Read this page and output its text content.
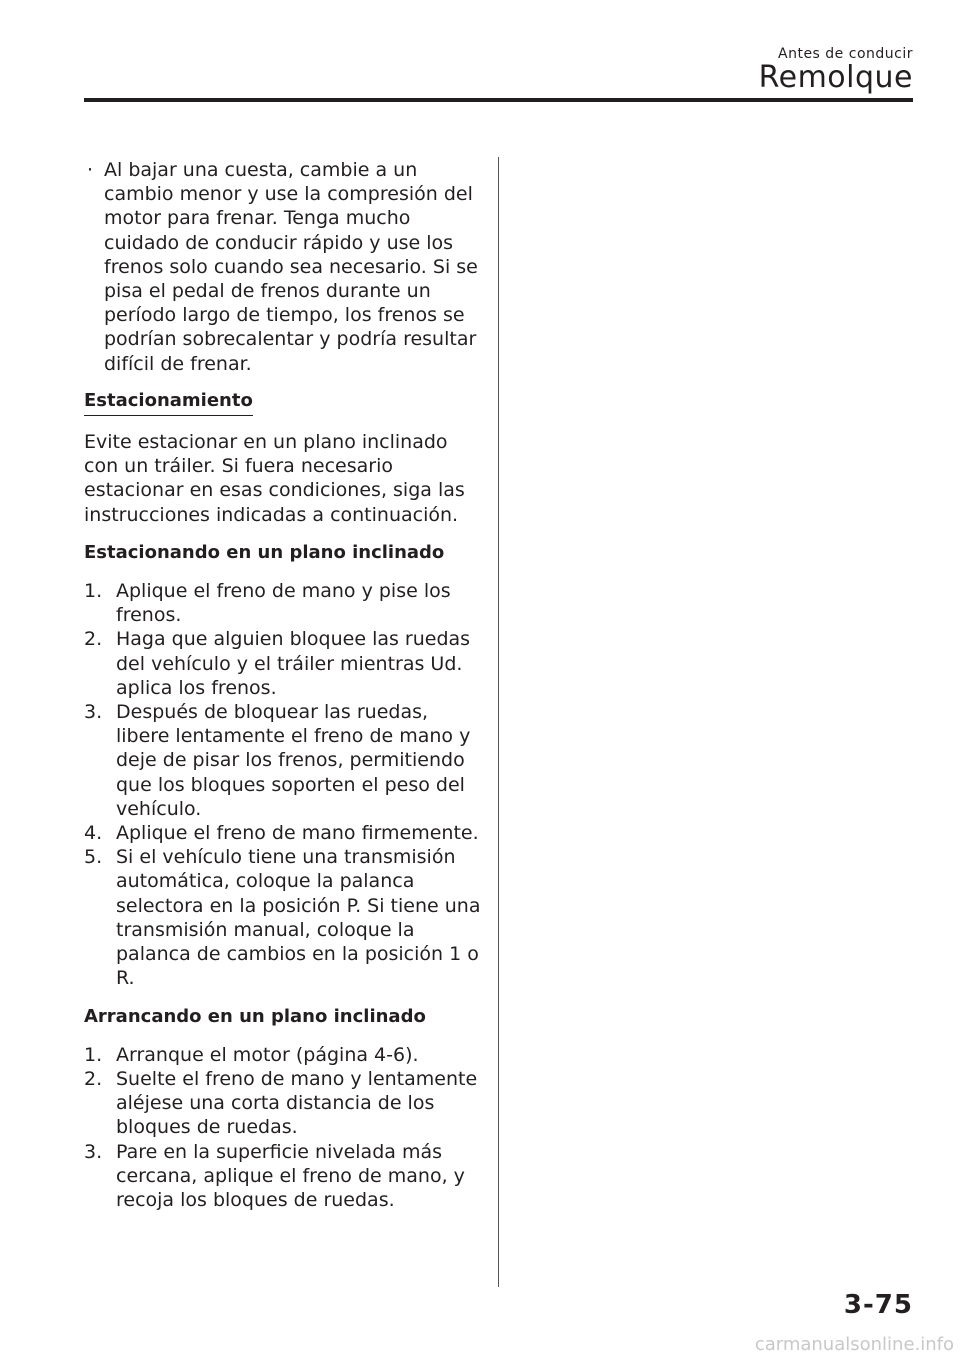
Antes de conducir
Remolque
· Al bajar una cuesta, cambie a un cambio menor y use la compresión del motor para frenar. Tenga mucho cuidado de conducir rápido y use los frenos solo cuando sea necesario. Si se pisa el pedal de frenos durante un período largo de tiempo, los frenos se podrían sobrecalentar y podría resultar difícil de frenar.
Estacionamiento

Evite estacionar en un plano inclinado con un tráiler. Si fuera necesario estacionar en esas condiciones, siga las instrucciones indicadas a continuación.

Estacionando en un plano inclinado
1. Aplique el freno de mano y pise los frenos.
2. Haga que alguien bloquee las ruedas del vehículo y el tráiler mientras Ud. aplica los frenos.
3. Después de bloquear las ruedas, libere lentamente el freno de mano y deje de pisar los frenos, permitiendo que los bloques soporten el peso del vehículo.
4. Aplique el freno de mano firmemente.
5. Si el vehículo tiene una transmisión automática, coloque la palanca selectora en la posición P. Si tiene una transmisión manual, coloque la palanca de cambios en la posición 1 o R.
Arrancando en un plano inclinado
1. Arranque el motor (página 4-6).
2. Suelte el freno de mano y lentamente aléjese una corta distancia de los bloques de ruedas.
3. Pare en la superficie nivelada más cercana, aplique el freno de mano, y recoja los bloques de ruedas.
3-75
carmanualsonline.info
